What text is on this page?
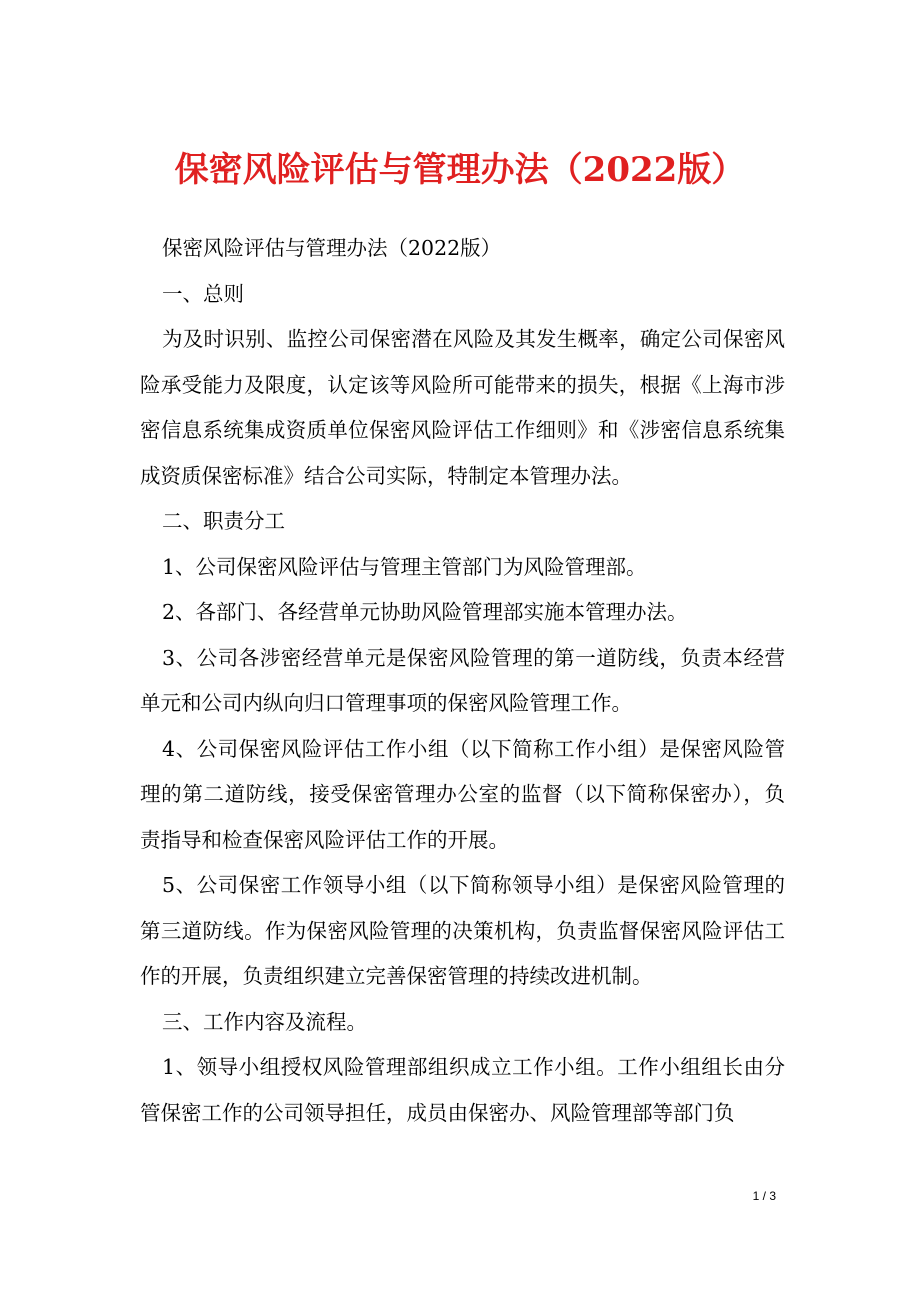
保密风险评估与管理办法（2022版）

保密风险评估与管理办法（2022版）

一、总则

为及时识别、监控公司保密潜在风险及其发生概率，确定公司保密风险承受能力及限度，认定该等风险所可能带来的损失，根据《上海市涉密信息系统集成资质单位保密风险评估工作细则》和《涉密信息系统集成资质保密标准》结合公司实际，特制定本管理办法。

二、职责分工

1、公司保密风险评估与管理主管部门为风险管理部。

2、各部门、各经营单元协助风险管理部实施本管理办法。

3、公司各涉密经营单元是保密风险管理的第一道防线，负责本经营单元和公司内纵向归口管理事项的保密风险管理工作。

4、公司保密风险评估工作小组（以下简称工作小组）是保密风险管理的第二道防线，接受保密管理办公室的监督（以下简称保密办），负责指导和检查保密风险评估工作的开展。

5、公司保密工作领导小组（以下简称领导小组）是保密风险管理的第三道防线。作为保密风险管理的决策机构，负责监督保密风险评估工作的开展，负责组织建立完善保密管理的持续改进机制。

三、工作内容及流程。

1、领导小组授权风险管理部组织成立工作小组。工作小组组长由分管保密工作的公司领导担任，成员由保密办、风险管理部等部门负

1 / 3
